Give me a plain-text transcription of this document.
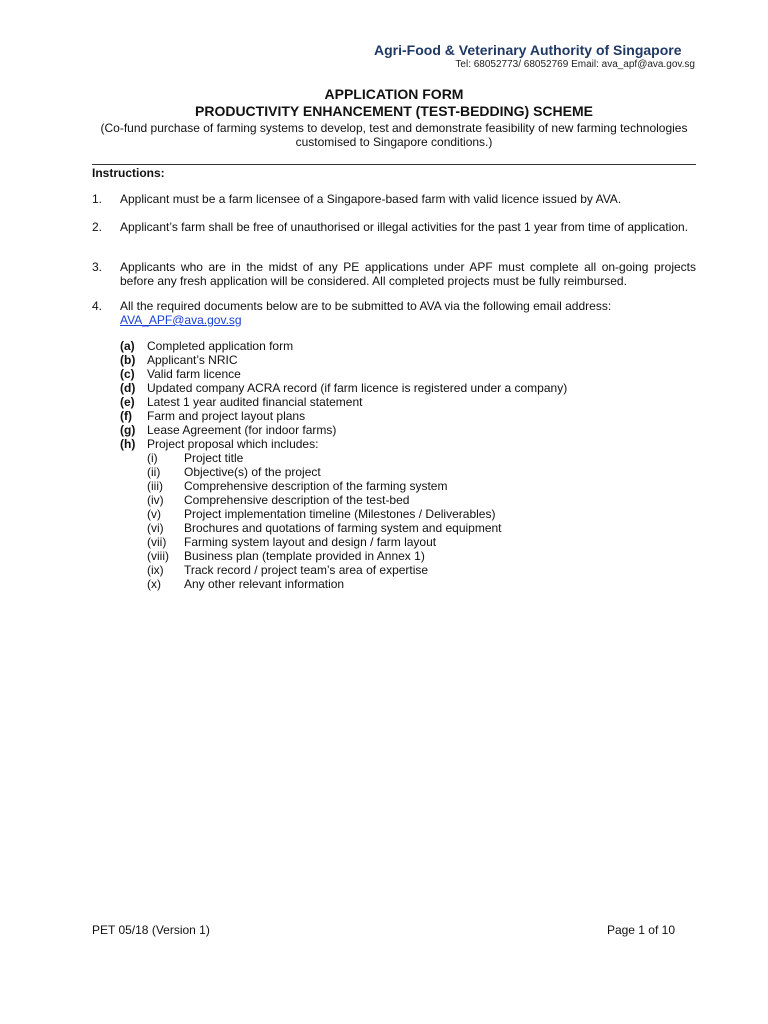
Agri-Food & Veterinary Authority of Singapore
Tel: 68052773/ 68052769 Email: ava_apf@ava.gov.sg
APPLICATION FORM
PRODUCTIVITY ENHANCEMENT (TEST-BEDDING) SCHEME
(Co-fund purchase of farming systems to develop, test and demonstrate feasibility of new farming technologies customised to Singapore conditions.)
Instructions:
1. Applicant must be a farm licensee of a Singapore-based farm with valid licence issued by AVA.
2. Applicant’s farm shall be free of unauthorised or illegal activities for the past 1 year from time of application.
3. Applicants who are in the midst of any PE applications under APF must complete all on-going projects before any fresh application will be considered. All completed projects must be fully reimbursed.
4. All the required documents below are to be submitted to AVA via the following email address:
AVA_APF@ava.gov.sg
(a)	Completed application form
(b) Applicant’s NRIC
(c)	Valid farm licence
(d) Updated company ACRA record (if farm licence is registered under a company)
(e)	Latest 1 year audited financial statement
(f)	Farm and project layout plans
(g) Lease Agreement (for indoor farms)
(h) Project proposal which includes:
(i)	Project title
(ii)	Objective(s) of the project
(iii)	Comprehensive description of the farming system
(iv)	Comprehensive description of the test-bed
(v)	Project implementation timeline (Milestones / Deliverables)
(vi)	Brochures and quotations of farming system and equipment
(vii)	Farming system layout and design / farm layout
(viii)	Business plan (template provided in Annex 1)
(ix)	Track record / project team’s area of expertise
(x)	Any other relevant information
PET 05/18 (Version 1)	Page 1 of 10
